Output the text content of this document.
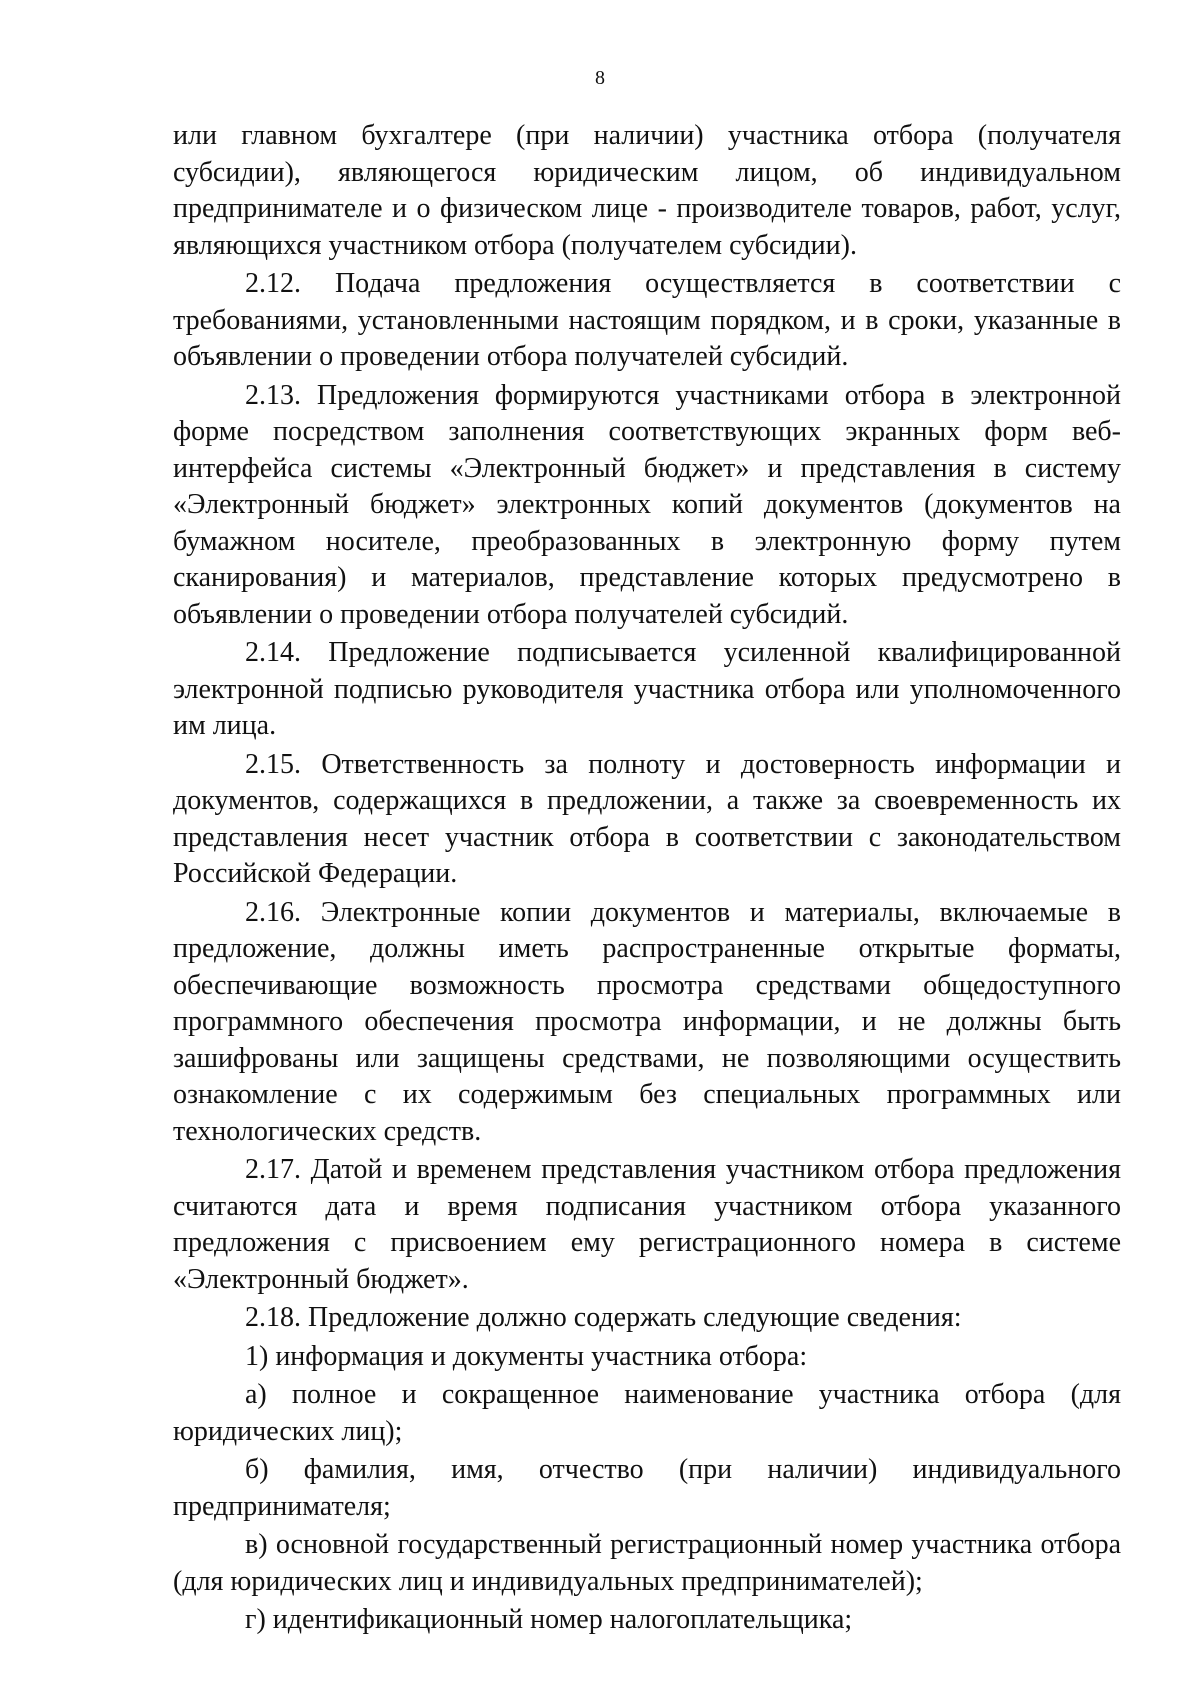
8

или главном бухгалтере (при наличии) участника отбора (получателя субсидии), являющегося юридическим лицом, об индивидуальном предпринимателе и о физическом лице - производителе товаров, работ, услуг, являющихся участником отбора (получателем субсидии).

2.12. Подача предложения осуществляется в соответствии с требованиями, установленными настоящим порядком, и в сроки, указанные в объявлении о проведении отбора получателей субсидий.

2.13. Предложения формируются участниками отбора в электронной форме посредством заполнения соответствующих экранных форм веб-интерфейса системы «Электронный бюджет» и представления в систему «Электронный бюджет» электронных копий документов (документов на бумажном носителе, преобразованных в электронную форму путем сканирования) и материалов, представление которых предусмотрено в объявлении о проведении отбора получателей субсидий.

2.14. Предложение подписывается усиленной квалифицированной электронной подписью руководителя участника отбора или уполномоченного им лица.

2.15. Ответственность за полноту и достоверность информации и документов, содержащихся в предложении, а также за своевременность их представления несет участник отбора в соответствии с законодательством Российской Федерации.

2.16. Электронные копии документов и материалы, включаемые в предложение, должны иметь распространенные открытые форматы, обеспечивающие возможность просмотра средствами общедоступного программного обеспечения просмотра информации, и не должны быть зашифрованы или защищены средствами, не позволяющими осуществить ознакомление с их содержимым без специальных программных или технологических средств.

2.17. Датой и временем представления участником отбора предложения считаются дата и время подписания участником отбора указанного предложения с присвоением ему регистрационного номера в системе «Электронный бюджет».

2.18. Предложение должно содержать следующие сведения:

1) информация и документы участника отбора:

а) полное и сокращенное наименование участника отбора (для юридических лиц);

б) фамилия, имя, отчество (при наличии) индивидуального предпринимателя;

в) основной государственный регистрационный номер участника отбора (для юридических лиц и индивидуальных предпринимателей);

г) идентификационный номер налогоплательщика;
